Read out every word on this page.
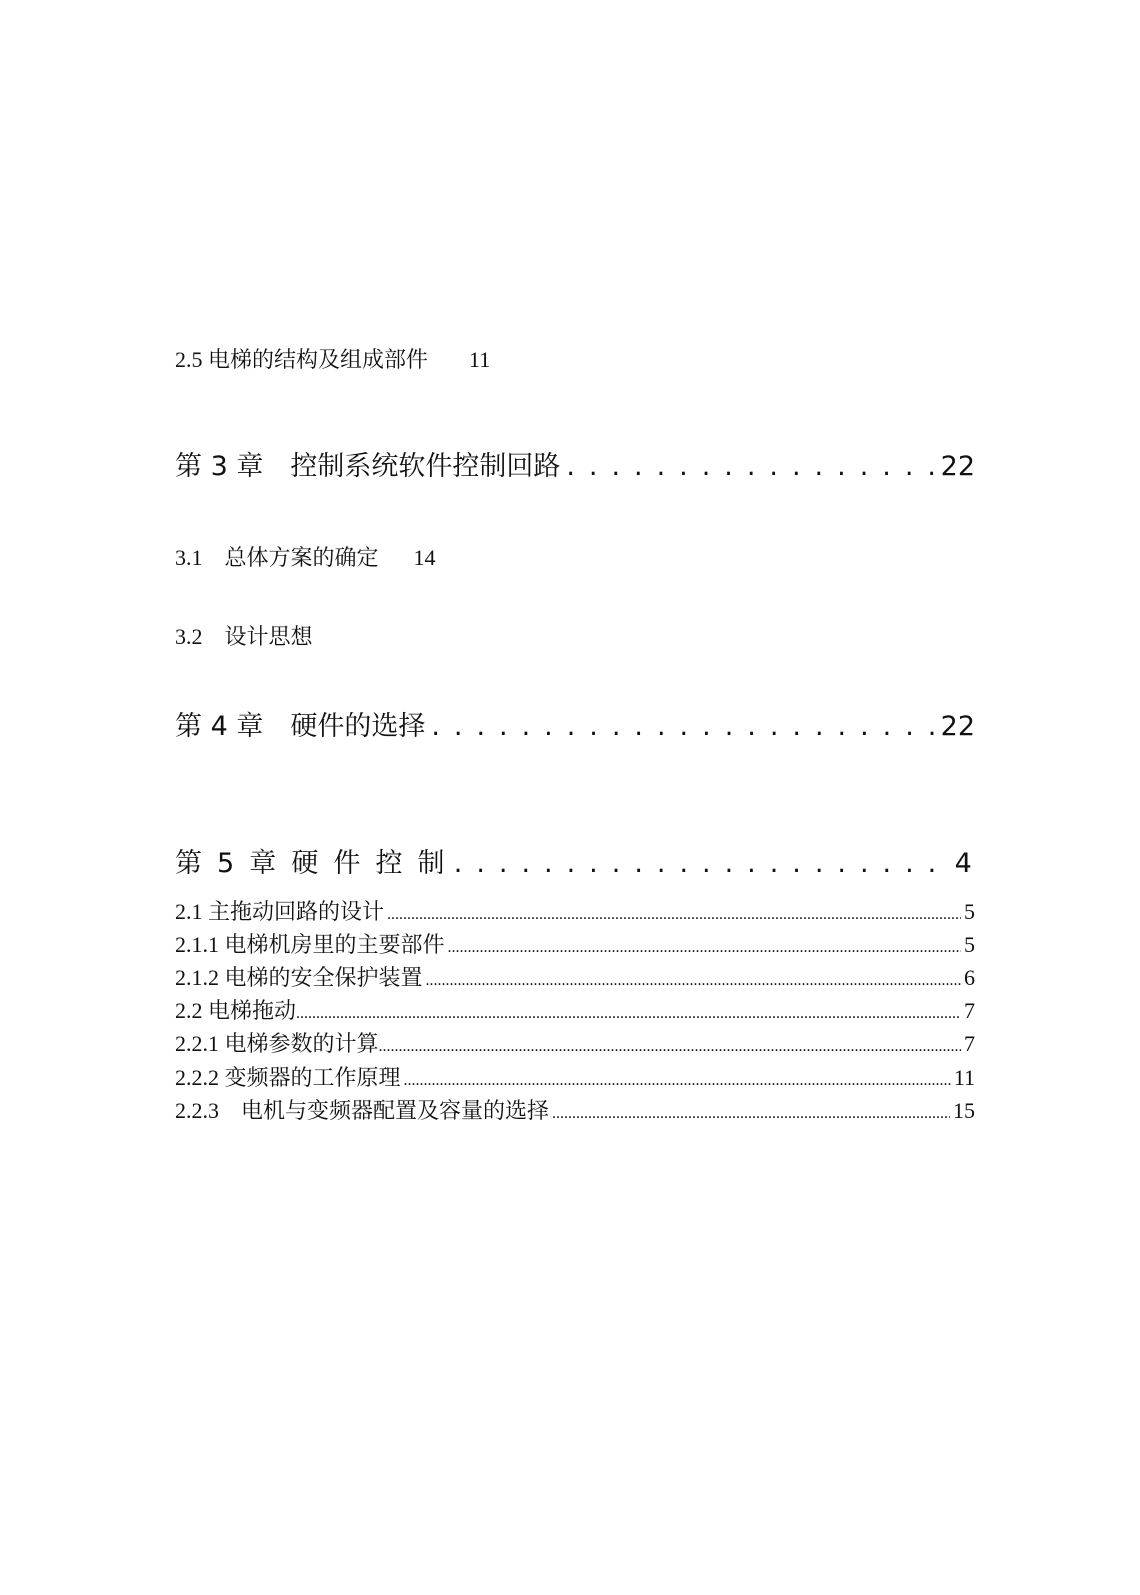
2.5 电梯的结构及组成部件 11
第 3 章　控制系统软件控制回路 . . .	22
3.1　总体方案的确定 14
3.2　设计思想
第 4 章　硬件的选择 . . .	22
第 5 章 硬 件 控 制 . . .	4
2.1 主拖动回路的设计 .....	5
2.1.1 电梯机房里的主要部件 .....	5
2.1.2 电梯的安全保护装置 .....	6
2.2 电梯拖动 .....	7
2.2.1 电梯参数的计算 .....	7
2.2.2 变频器的工作原理 .....	11
2.2.3　电机与变频器配置及容量的选择 .....	15
